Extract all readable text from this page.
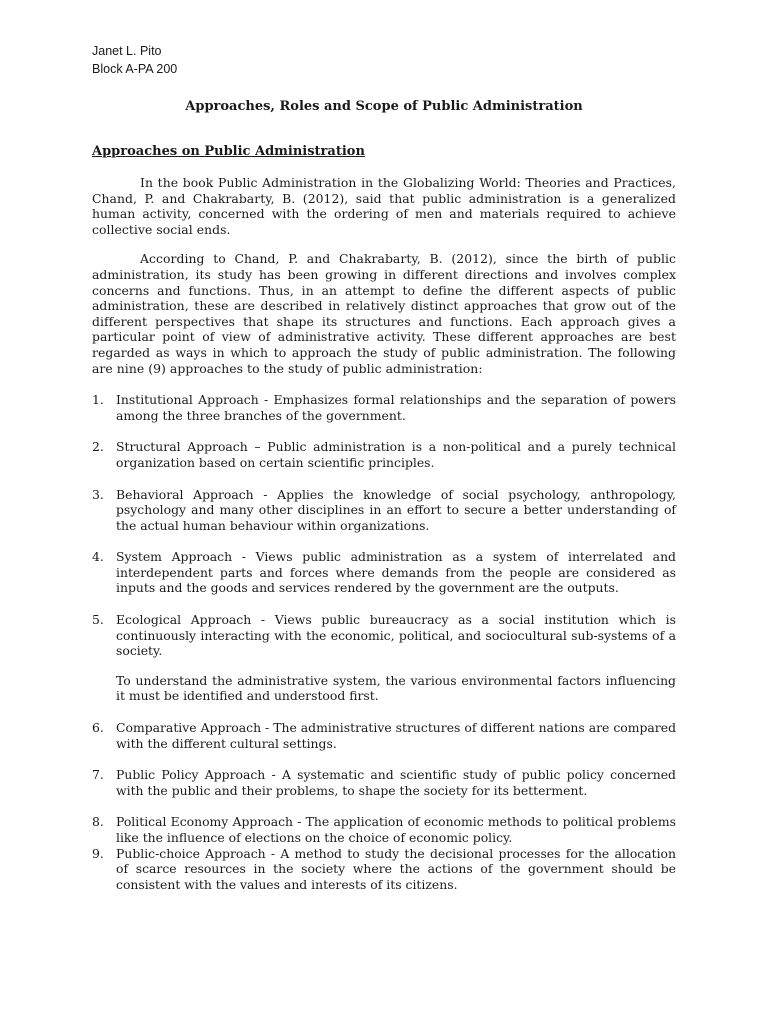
Janet L. Pito

Block A-PA 200

Approaches, Roles and Scope of Public Administration

Approaches on Public Administration

In the book Public Administration in the Globalizing World: Theories and Practices, Chand, P. and Chakrabarty, B. (2012), said that public administration is a generalized human activity, concerned with the ordering of men and materials required to achieve collective social ends.

According to Chand, P. and Chakrabarty, B. (2012), since the birth of public administration, its study has been growing in different directions and involves complex concerns and functions. Thus, in an attempt to define the different aspects of public administration, these are described in relatively distinct approaches that grow out of the different perspectives that shape its structures and functions. Each approach gives a particular point of view of administrative activity. These different approaches are best regarded as ways in which to approach the study of public administration. The following are nine (9) approaches to the study of public administration:

1. Institutional Approach - Emphasizes formal relationships and the separation of powers among the three branches of the government.
2. Structural Approach – Public administration is a non-political and a purely technical organization based on certain scientific principles.
3. Behavioral Approach - Applies the knowledge of social psychology, anthropology, psychology and many other disciplines in an effort to secure a better understanding of the actual human behaviour within organizations.
4. System Approach - Views public administration as a system of interrelated and interdependent parts and forces where demands from the people are considered as inputs and the goods and services rendered by the government are the outputs.
5. Ecological Approach - Views public bureaucracy as a social institution which is continuously interacting with the economic, political, and sociocultural sub-systems of a society.
To understand the administrative system, the various environmental factors influencing it must be identified and understood first.
6. Comparative Approach - The administrative structures of different nations are compared with the different cultural settings.
7. Public Policy Approach - A systematic and scientific study of public policy concerned with the public and their problems, to shape the society for its betterment.
8. Political Economy Approach - The application of economic methods to political problems like the influence of elections on the choice of economic policy.
9. Public-choice Approach - A method to study the decisional processes for the allocation of scarce resources in the society where the actions of the government should be consistent with the values and interests of its citizens.
